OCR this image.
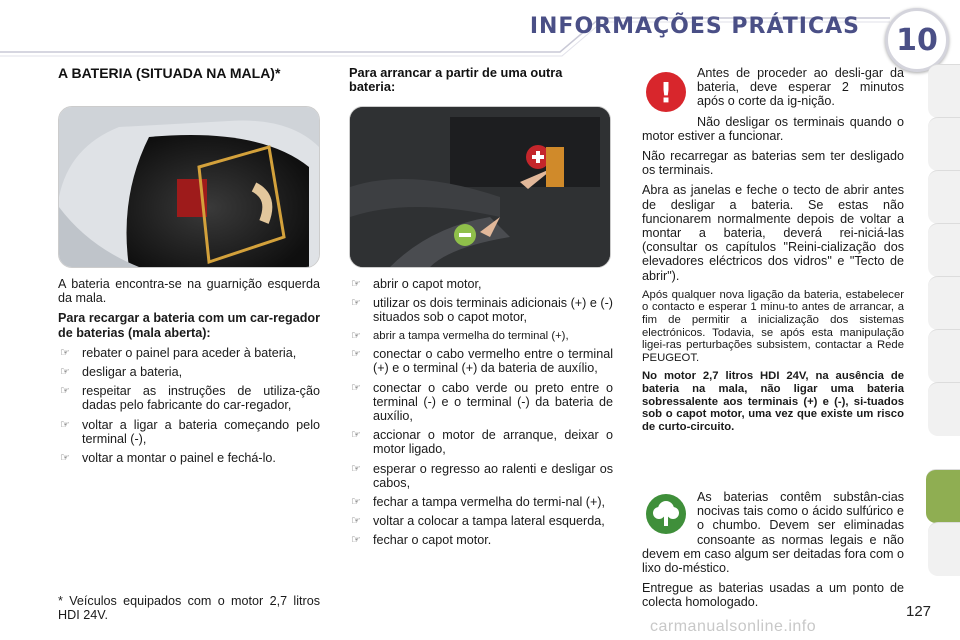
INFORMAÇÕES PRÁTICAS 10
A BATERIA (SITUADA NA MALA)*

A bateria encontra-se na guarnição esquerda da mala.

Para recargar a bateria com um car-regador de baterias (mala aberta):

☞ rebater o painel para aceder à bateria,
☞ desligar a bateria,
☞ respeitar as instruções de utiliza-ção dadas pelo fabricante do car-regador,
☞ voltar a ligar a bateria começando pelo terminal (-),
☞ voltar a montar o painel e fechá-lo.

* Veículos equipados com o motor 2,7 litros HDI 24V.

Para arrancar a partir de uma outra bateria:
☞ abrir o capot motor,
☞ utilizar os dois terminais adicionais (+) e (-) situados sob o capot motor,
☞ abrir a tampa vermelha do terminal (+),
☞ conectar o cabo vermelho entre o terminal (+) e o terminal (+) da bateria de auxílio,
☞ conectar o cabo verde ou preto entre o terminal (-) e o terminal (-) da bateria de auxílio,
☞ accionar o motor de arranque, deixar o motor ligado,
☞ esperar o regresso ao ralenti e desligar os cabos,
☞ fechar a tampa vermelha do termi-nal (+),
☞ voltar a colocar a tampa lateral esquerda,
☞ fechar o capot motor.
!

Antes de proceder ao desli-gar da bateria, deve esperar 2 minutos após o corte da ig-nição.

Não desligar os terminais quando o motor estiver a funcionar.

Não recarregar as baterias sem ter desligado os terminais.

Abra as janelas e feche o tecto de abrir antes de desligar a bateria. Se estas não funcionarem normalmente depois de voltar a montar a bateria, deverá rei-niciá-las (consultar os capítulos "Reini-cialização dos elevadores eléctricos dos vidros" e "Tecto de abrir").

Após qualquer nova ligação da bateria, estabelecer o contacto e esperar 1 minu-to antes de arrancar, a fim de permitir a inicialização dos sistemas electrónicos. Todavia, se após esta manipulação ligei-ras perturbações subsistem, contactar a Rede PEUGEOT.

No motor 2,7 litros HDI 24V, na ausência de bateria na mala, não ligar uma bateria sobressalente aos terminais (+) e (-), si-tuados sob o capot motor, uma vez que existe um risco de curto-circuito.

As baterias contêm substân-cias nocivas tais como o ácido sulfúrico e o chumbo. Devem ser eliminadas consoante as normas legais e não devem em caso algum ser deitadas fora com o lixo do-méstico.

Entregue as baterias usadas a um ponto de colecta homologado.

127
carmanualsonline.info
